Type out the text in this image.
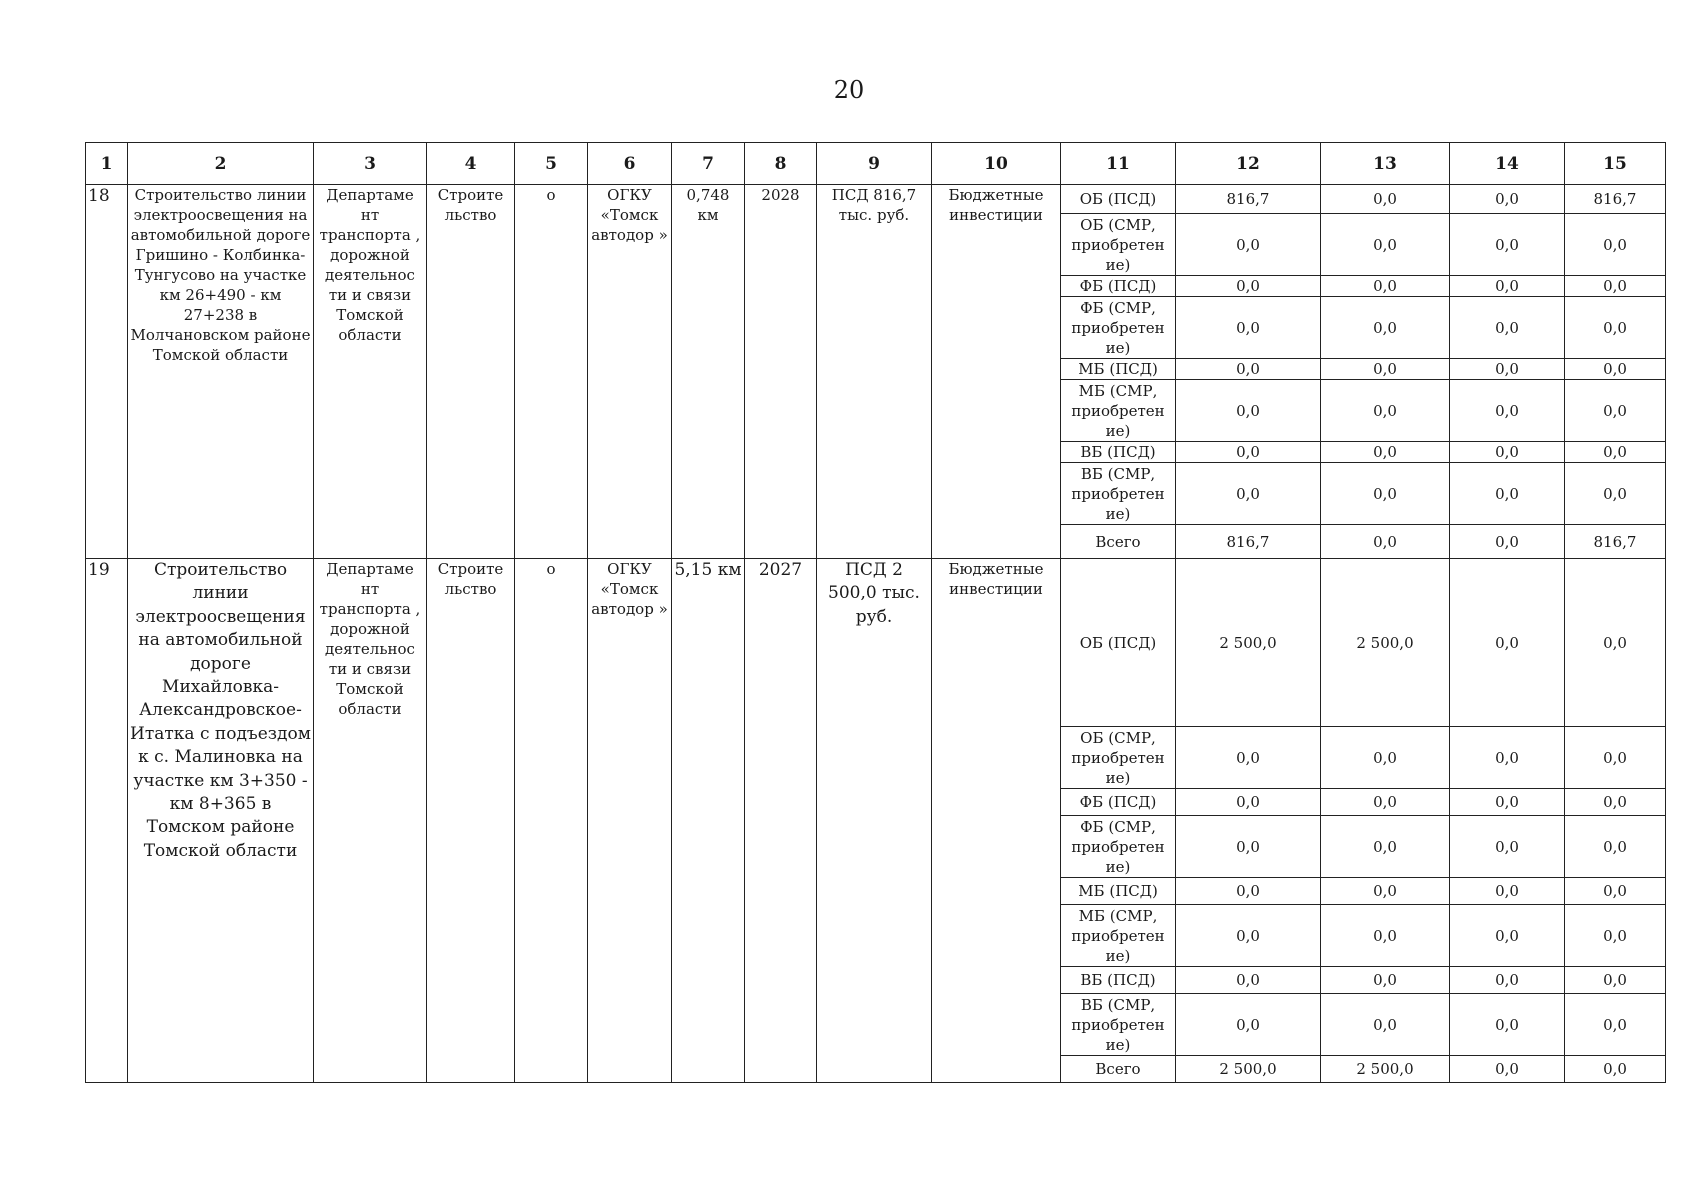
20
1	2	3	4	5	6	7	8	9	10	11	12	13	14	15
18	Строительство линии электроосвещения на автомобильной дороге Гришино - Колбинка-Тунгусово на участке км 26+490 - км 27+238 в Молчановском районе Томской области	Департаме нт транспорта , дорожной деятельнос ти и связи Томской области	Строите льство	о	ОГКУ «Томск автодор »	0,748 км	2028	ПСД 816,7 тыс. руб.	Бюджетные инвестиции	ОБ (ПСД)	816,7	0,0	0,0	816,7
										ОБ (СМР, приобретен ие)	0,0	0,0	0,0	0,0
										ФБ (ПСД)	0,0	0,0	0,0	0,0
										ФБ (СМР, приобретен ие)	0,0	0,0	0,0	0,0
										МБ (ПСД)	0,0	0,0	0,0	0,0
										МБ (СМР, приобретен ие)	0,0	0,0	0,0	0,0
										ВБ (ПСД)	0,0	0,0	0,0	0,0
										ВБ (СМР, приобретен ие)	0,0	0,0	0,0	0,0
										Всего	816,7	0,0	0,0	816,7
19	Строительство линии электроосвещения на автомобильной дороге Михайловка-Александровское-Итатка с подъездом к с. Малиновка на участке км 3+350 - км 8+365 в Томском районе Томской области	Департаме нт транспорта , дорожной деятельнос ти и связи Томской области	Строите льство	о	ОГКУ «Томск автодор »	5,15 км	2027	ПСД 2 500,0 тыс. руб.	Бюджетные инвестиции	ОБ (ПСД)	2 500,0	2 500,0	0,0	0,0
										ОБ (СМР, приобретен ие)	0,0	0,0	0,0	0,0
										ФБ (ПСД)	0,0	0,0	0,0	0,0
										ФБ (СМР, приобретен ие)	0,0	0,0	0,0	0,0
										МБ (ПСД)	0,0	0,0	0,0	0,0
										МБ (СМР, приобретен ие)	0,0	0,0	0,0	0,0
										ВБ (ПСД)	0,0	0,0	0,0	0,0
										ВБ (СМР, приобретен ие)	0,0	0,0	0,0	0,0
										Всего	2 500,0	2 500,0	0,0	0,0
